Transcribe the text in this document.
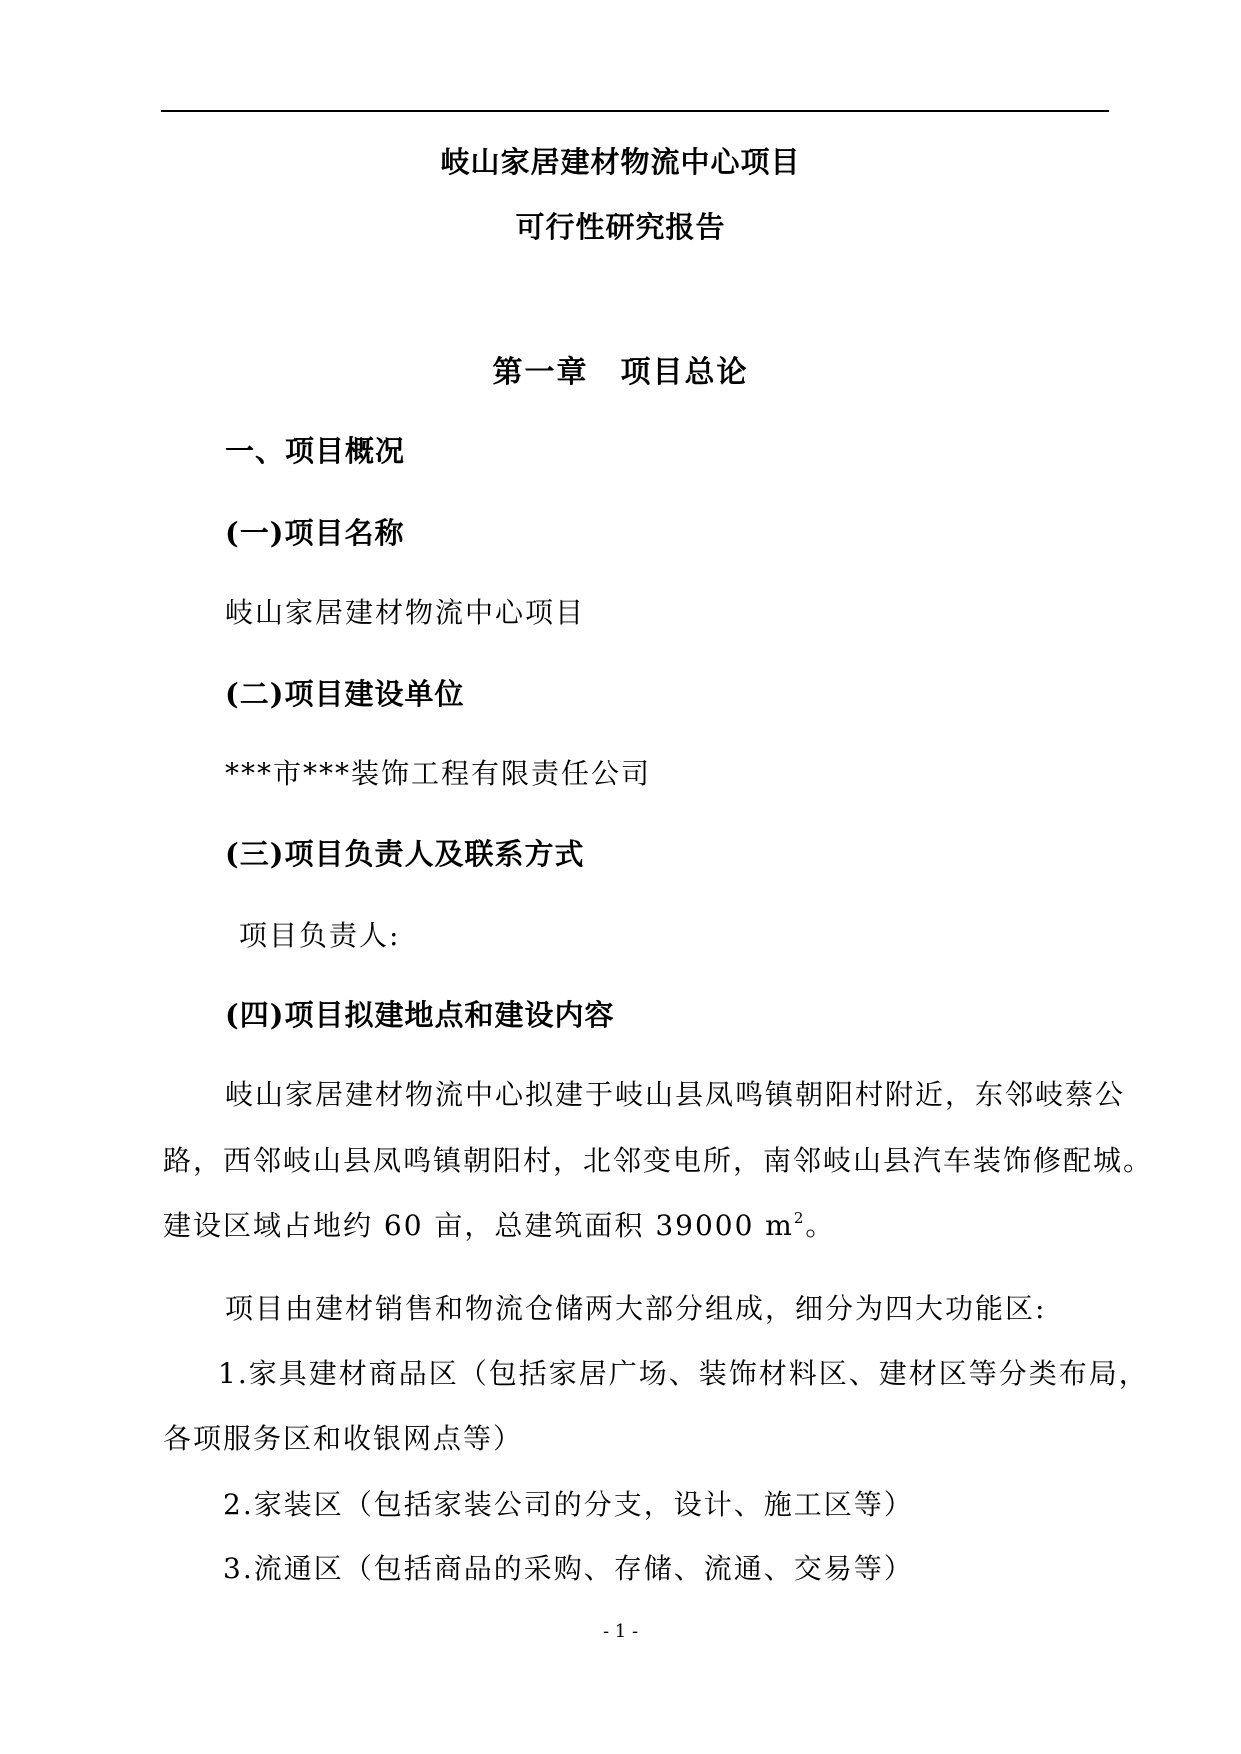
岐山家居建材物流中心项目
可行性研究报告
第一章　项目总论
一、项目概况
(一)项目名称
岐山家居建材物流中心项目
(二)项目建设单位
***市***装饰工程有限责任公司
(三)项目负责人及联系方式
项目负责人:
(四)项目拟建地点和建设内容
岐山家居建材物流中心拟建于岐山县凤鸣镇朝阳村附近，东邻岐蔡公
路，西邻岐山县凤鸣镇朝阳村，北邻变电所，南邻岐山县汽车装饰修配城。
建设区域占地约 60 亩，总建筑面积 39000 $m^2$。
项目由建材销售和物流仓储两大部分组成，细分为四大功能区:
1.家具建材商品区（包括家居广场、装饰材料区、建材区等分类布局，
各项服务区和收银网点等）
2.家装区（包括家装公司的分支，设计、施工区等）
3.流通区（包括商品的采购、存储、流通、交易等）
- 1 -
